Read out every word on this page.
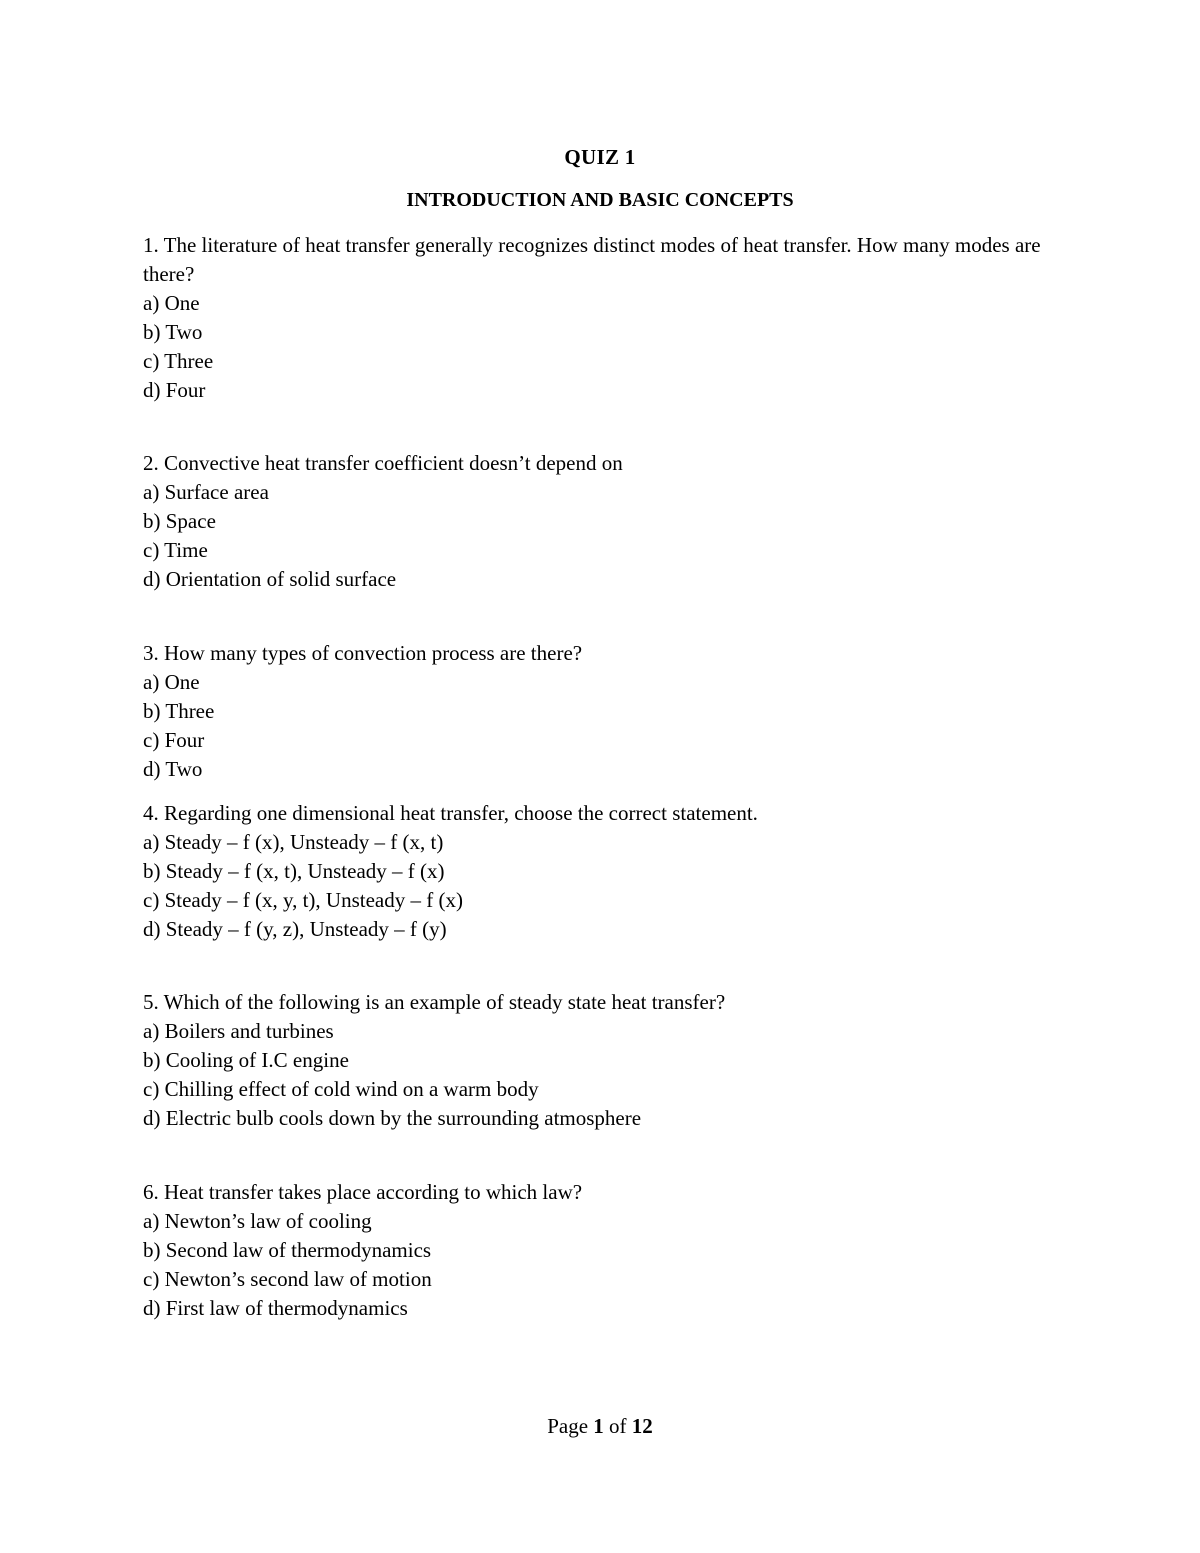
QUIZ 1
INTRODUCTION AND BASIC CONCEPTS
1. The literature of heat transfer generally recognizes distinct modes of heat transfer. How many modes are there?
a) One
b) Two
c) Three
d) Four
2. Convective heat transfer coefficient doesn’t depend on
a) Surface area
b) Space
c) Time
d) Orientation of solid surface
3. How many types of convection process are there?
a) One
b) Three
c) Four
d) Two
4. Regarding one dimensional heat transfer, choose the correct statement.
a) Steady – f (x), Unsteady – f (x, t)
b) Steady – f (x, t), Unsteady – f (x)
c) Steady – f (x, y, t), Unsteady – f (x)
d) Steady – f (y, z), Unsteady – f (y)
5. Which of the following is an example of steady state heat transfer?
a) Boilers and turbines
b) Cooling of I.C engine
c) Chilling effect of cold wind on a warm body
d) Electric bulb cools down by the surrounding atmosphere
6. Heat transfer takes place according to which law?
a) Newton’s law of cooling
b) Second law of thermodynamics
c) Newton’s second law of motion
d) First law of thermodynamics
Page 1 of 12
